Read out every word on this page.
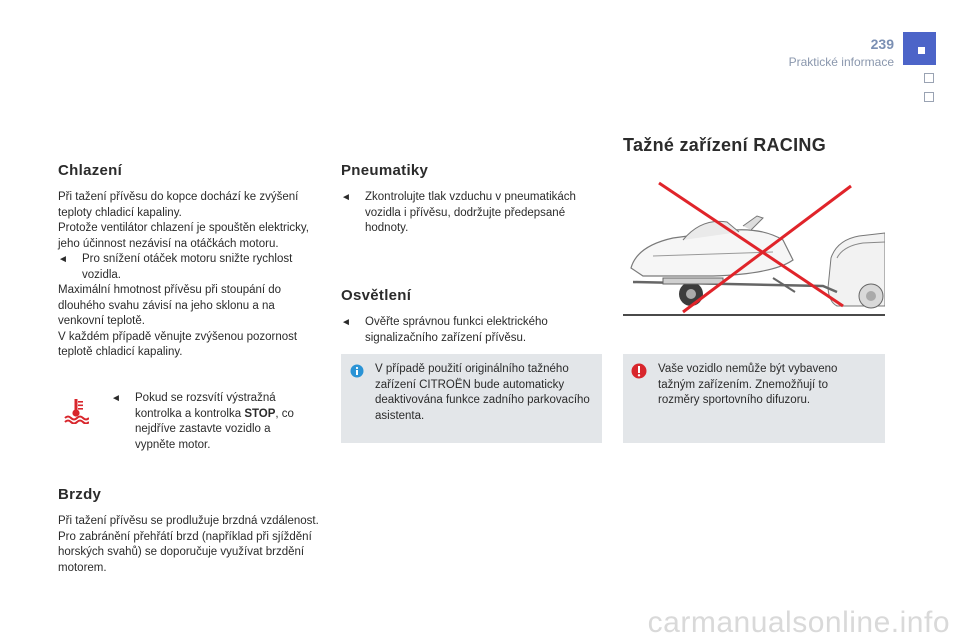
239
Praktické informace
Chlazení

Při tažení přívěsu do kopce dochází ke zvýšení teploty chladicí kapaliny.

Protože ventilátor chlazení je spouštěn elektricky, jeho účinnost nezávisí na otáčkách motoru.

◄​	Pro snížení otáček motoru snižte rychlost vozidla.

Maximální hmotnost přívěsu při stoupání do dlouhého svahu závisí na jeho sklonu a na venkovní teplotě.

V každém případě věnujte zvýšenou pozornost teplotě chladicí kapaliny.

◄	Pokud se rozsvítí výstražná kontrolka a kontrolka STOP, co nejdříve zastavte vozidlo a vypněte motor.
Brzdy

Při tažení přívěsu se prodlužuje brzdná vzdálenost.

Pro zabránění přehřátí brzd (například při sjíždění horských svahů) se doporučuje využívat brzdění motorem.

Pneumatiky
◄	Zkontrolujte tlak vzduchu v pneumatikách vozidla i přívěsu, dodržujte předepsané hodnoty.
Osvětlení
◄	Ověřte správnou funkci elektrického signalizačního zařízení přívěsu.

V případě použití originálního tažného zařízení CITROËN bude automaticky deaktivována funkce zadního parkovacího asistenta.

Tažné zařízení RACING

Vaše vozidlo nemůže být vybaveno tažným zařízením. Znemožňují to rozměry sportovního difuzoru.

carmanualsonline.info
